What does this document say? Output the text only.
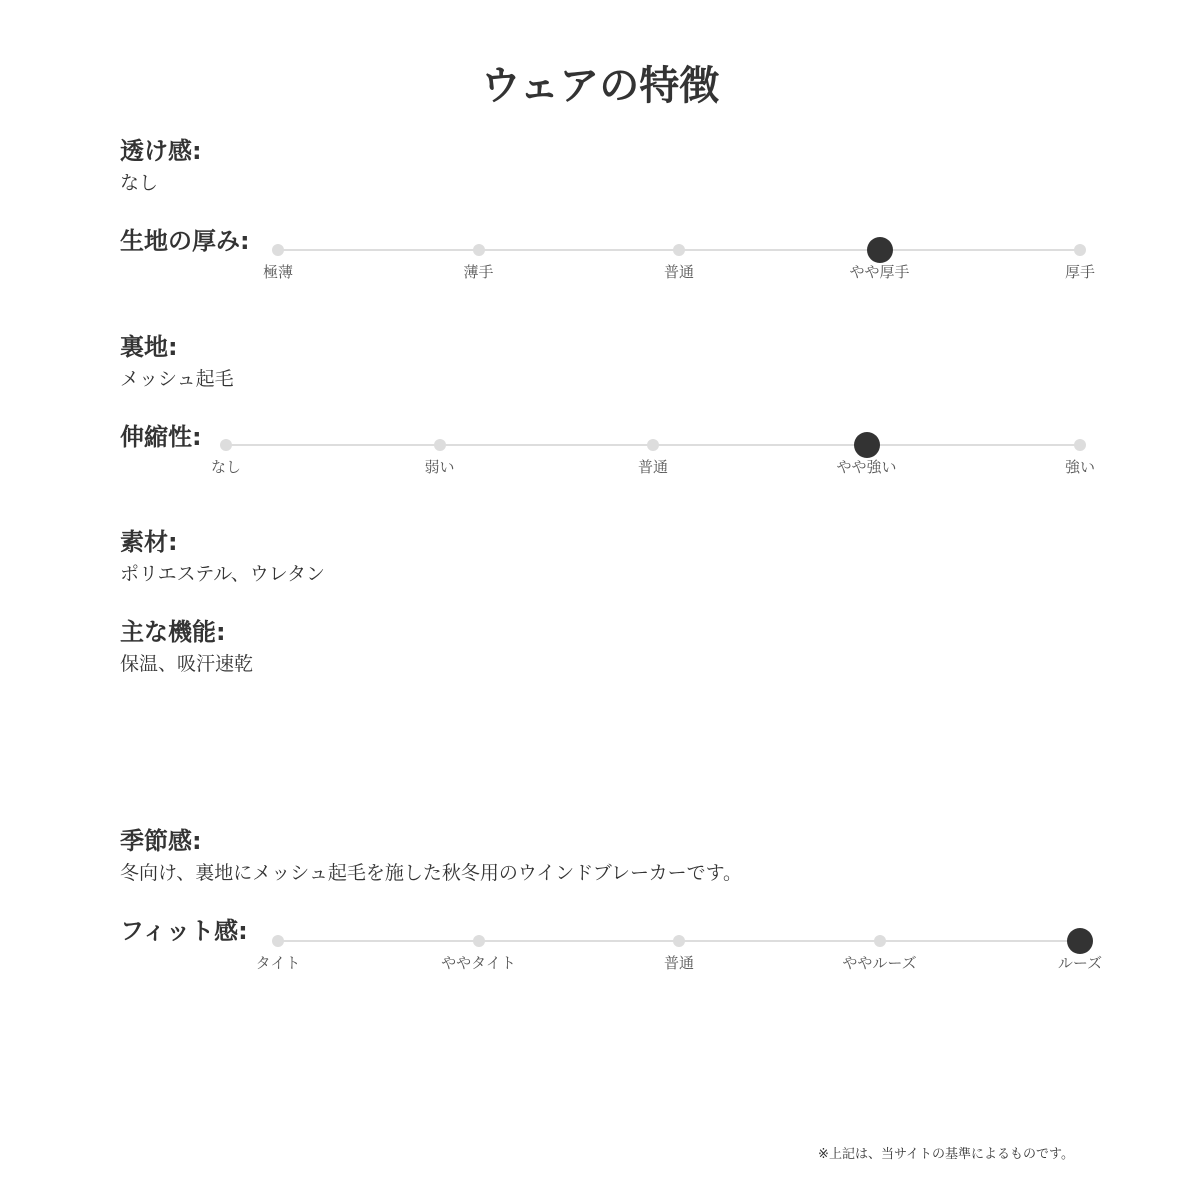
ウェアの特徴
透け感:
なし
生地の厚み:
極薄	薄手	普通	やや厚手	厚手
裏地:
メッシュ起毛
伸縮性:
なし	弱い	普通	やや強い	強い
素材:
ポリエステル、ウレタン
主な機能:
保温、吸汗速乾
季節感:
冬向け、裏地にメッシュ起毛を施した秋冬用のウインドブレーカーです。
フィット感:
タイト	ややタイト	普通	ややルーズ	ルーズ
※上記は、当サイトの基準によるものです。
